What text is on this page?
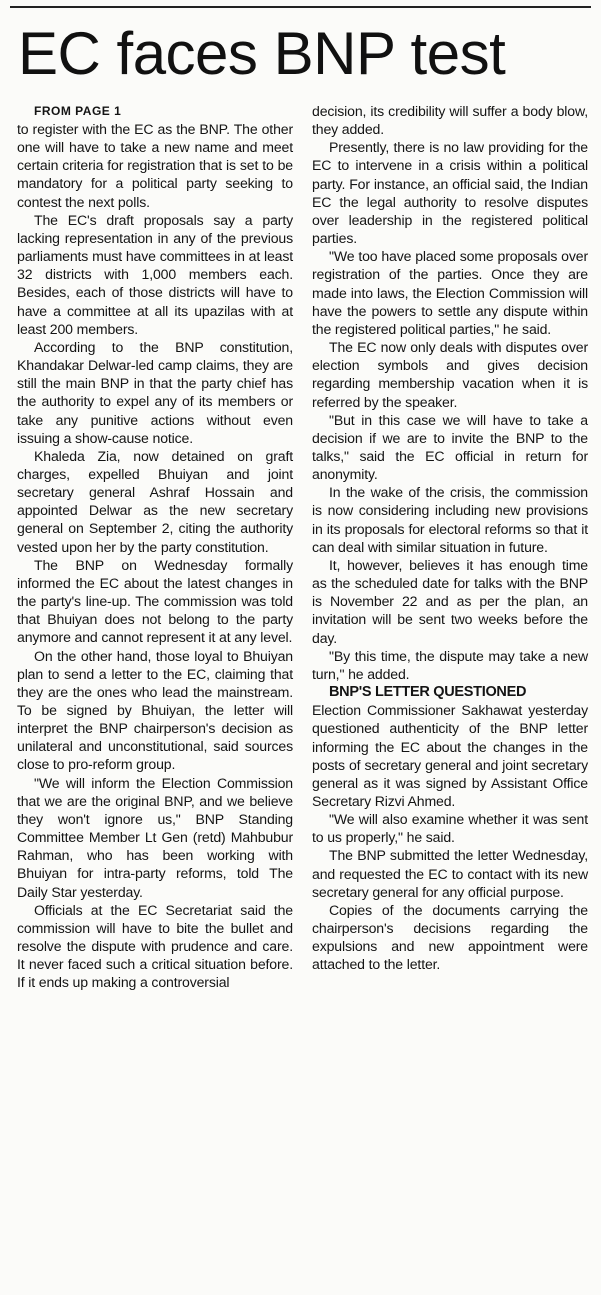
EC faces BNP test

FROM PAGE 1

to register with the EC as the BNP. The other one will have to take a new name and meet certain criteria for registration that is set to be mandatory for a political party seeking to contest the next polls.

The EC's draft proposals say a party lacking representation in any of the previous parliaments must have committees in at least 32 districts with 1,000 members each. Besides, each of those districts will have to have a committee at all its upazilas with at least 200 members.

According to the BNP constitution, Khandakar Delwar-led camp claims, they are still the main BNP in that the party chief has the authority to expel any of its members or take any punitive actions without even issuing a show-cause notice.

Khaleda Zia, now detained on graft charges, expelled Bhuiyan and joint secretary general Ashraf Hossain and appointed Delwar as the new secretary general on September 2, citing the authority vested upon her by the party constitution.

The BNP on Wednesday formally informed the EC about the latest changes in the party's line-up. The commission was told that Bhuiyan does not belong to the party anymore and cannot represent it at any level.

On the other hand, those loyal to Bhuiyan plan to send a letter to the EC, claiming that they are the ones who lead the mainstream. To be signed by Bhuiyan, the letter will interpret the BNP chairperson's decision as unilateral and unconstitutional, said sources close to pro-reform group.

"We will inform the Election Commission that we are the original BNP, and we believe they won't ignore us," BNP Standing Committee Member Lt Gen (retd) Mahbubur Rahman, who has been working with Bhuiyan for intra-party reforms, told The Daily Star yesterday.

Officials at the EC Secretariat said the commission will have to bite the bullet and resolve the dispute with prudence and care. It never faced such a critical situation before. If it ends up making a controversial

decision, its credibility will suffer a body blow, they added.

Presently, there is no law providing for the EC to intervene in a crisis within a political party. For instance, an official said, the Indian EC the legal authority to resolve disputes over leadership in the registered political parties.

"We too have placed some proposals over registration of the parties. Once they are made into laws, the Election Commission will have the powers to settle any dispute within the registered political parties," he said.

The EC now only deals with disputes over election symbols and gives decision regarding membership vacation when it is referred by the speaker.

"But in this case we will have to take a decision if we are to invite the BNP to the talks," said the EC official in return for anonymity.

In the wake of the crisis, the commission is now considering including new provisions in its proposals for electoral reforms so that it can deal with similar situation in future.

It, however, believes it has enough time as the scheduled date for talks with the BNP is November 22 and as per the plan, an invitation will be sent two weeks before the day.

"By this time, the dispute may take a new turn," he added.

BNP'S LETTER QUESTIONED

Election Commissioner Sakhawat yesterday questioned authenticity of the BNP letter informing the EC about the changes in the posts of secretary general and joint secretary general as it was signed by Assistant Office Secretary Rizvi Ahmed.

"We will also examine whether it was sent to us properly," he said.

The BNP submitted the letter Wednesday, and requested the EC to contact with its new secretary general for any official purpose.

Copies of the documents carrying the chairperson's decisions regarding the expulsions and new appointment were attached to the letter.
